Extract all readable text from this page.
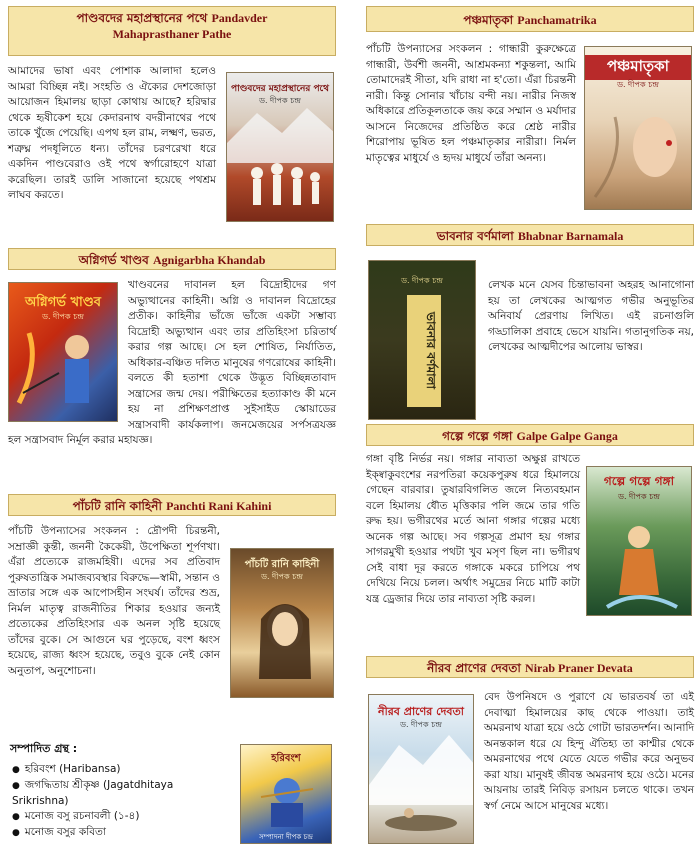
পাণ্ডবদের মহাপ্রস্থানের পথে Pandavder
Mahaprasthaner Pathe
আমাদের ভাষা এবং পোশাক আলাদা হলেও আমরা বিচ্ছিন্ন নই। সংহতি ও ঐক্যের দেশজোড়া আয়োজন হিমালয় ছাড়া কোথায় আছে? হরিদ্বার থেকে হৃষীকেশ হয়ে কেদারনাথ বদরীনাথের পথে তাকে খুঁজে পেয়েছি। এপথ হল রাম, লক্ষ্মণ, ভরত, শত্রুঘ্ন পদধূলিতে ধন্য। তাঁদের চরণরেখা ধরে একদিন পাণ্ডবেরাও ওই পথে স্বর্গারোহণে যাত্রা করেছিল। তারই ডালি সাজানো হয়েছে পথশ্রম লাঘব করতে।
পাণ্ডবদের মহাপ্রস্থানের পথে
ড. দীপক চন্দ্র
অগ্নিগর্ভ খাণ্ডব Agnigarbha Khandab
খাণ্ডবনের দাবানল হল বিদ্রোহীদের গণ অভ্যুত্থানের কাহিনী। অগ্নি ও দাবানল বিদ্রোহের প্রতীক। কাহিনীর ভাঁজে ভাঁজে একটা সম্ভাব্য বিদ্রোহী অভ্যুত্থান এবং তার প্রতিহিংসা চরিতার্থ করার গল্প আছে। সে হল শোষিত, নির্যাতিত, অধিকার-বঞ্চিত দলিত মানুষের গণরোষের কাহিনী। বলতে কী হতাশা থেকে উদ্ভূত বিচ্ছিন্নতাবাদ সন্ত্রাসের জন্ম দেয়। পরীক্ষিতের হত্যাকাণ্ড কী মনে হয় না প্রশিক্ষণপ্রাপ্ত সুইসাইড স্কোয়াডের সন্ত্রাসবাদী কার্যকলাপ। জনমেজয়ের সর্পসত্রযজ্ঞ হল সন্ত্রাসবাদ নির্মূল করার মহাযজ্ঞ।
অগ্নিগর্ভ খাণ্ডব
ড. দীপক চন্দ্র
পাঁচটি রানি কাহিনী Panchti Rani Kahini
পাঁচটি উপন্যাসের সংকলন : দ্রৌপদী চিরন্তনী, সম্রাজ্ঞী কুন্তী, জননী কৈকেয়ী, উপেক্ষিতা শূর্পণখা। এঁরা প্রত্যেকে রাজমহিষী। এদের সব প্রতিবাদ পুরুষতান্ত্রিক সমাজব্যবস্থার বিরুদ্ধে—স্বামী, সন্তান ও ভ্রাতার সঙ্গে এক আপোসহীন সংঘর্ষ। তাঁদের শুভ্র, নির্মল মাতৃত্ব রাজনীতির শিকার হওয়ার জন্যই প্রত্যেকের প্রতিহিংসার এক অনল সৃষ্টি হয়েছে তাঁদের বুকে। সে আগুনে ঘর পুড়েছে, বংশ ধ্বংস হয়েছে, রাজ্য ধ্বংস হয়েছে, তবুও বুকে নেই কোন অনুতাপ, অনুশোচনা।
পাঁচটি রানি কাহিনী
ড. দীপক চন্দ্র
সম্পাদিত গ্রন্থ :
● হরিবংশ (Haribansa)
● জগদ্ধিতায় শ্রীকৃষ্ণ (Jagatdhitaya Srikrishna)
● মনোজ বসু রচনাবলী (১-৪)
● মনোজ বসুর কবিতা
হরিবংশ
সম্পাদনা দীপক চন্দ্র
পঞ্চমাতৃকা Panchamatrika
পাঁচটি উপন্যাসের সংকলন : গান্ধারী কুরুক্ষেত্রে গান্ধারী, উর্বশী জননী, আশ্রমকন্যা শকুন্তলা, আমি তোমাদেরই সীতা, যদি রাধা না হ'তো। এঁরা চিরন্তনী নারী। কিন্তু সোনার খাঁচায় বন্দী নয়। নারীর নিজস্ব অধিকারে প্রতিকূলতাকে জয় করে সম্মান ও মর্যাদার আসনে নিজেদের প্রতিষ্ঠিত করে শ্রেষ্ঠ নারীর শিরোপায় ভূষিত হল পঞ্চমাতৃকার নারীরা। নির্মল মাতৃত্বের মাধুর্যে ও হৃদয় মাধুর্যে তাঁরা অনন্য।
পঞ্চমাতৃকা
ড. দীপক চন্দ্র
ভাবনার বর্ণমালা Bhabnar Barnamala
ড. দীপক চন্দ্র
ভাবনার বর্ণমালা
লেখক মনে যেসব চিন্তাভাবনা অহরহ আনাগোনা হয় তা লেখকের আত্মগত গভীর অনুভূতির অনিবার্য প্রেরণায় লিখিত। এই রচনাগুলি গড্ডালিকা প্রবাহে ভেসে যায়নি। গতানুগতিক নয়, লেখকের আত্মদীপের আলোয় ভাস্বর।
গল্পে গল্পে গঙ্গা Galpe Galpe Ganga
গঙ্গা বৃষ্টি নির্ভর নয়। গঙ্গার নাব্যতা অক্ষুণ্ণ রাখতে ইক্ষ্বাকুবংশের নরপতিরা কয়েকপুরুষ ধরে হিমালয়ে গেছেন বারবার। তুষারবিগলিত জলে নিত্যবহমান বলে হিমালয় ধৌত মৃত্তিকার পলি জমে তার গতি রুদ্ধ হয়। ভগীরথের মর্তে আনা গঙ্গার গল্পের মধ্যে অনেক গল্প আছে। সব গল্পসূত্র প্রমাণ হয় গঙ্গার সাগরমুখী হওয়ার পথটা খুব মসৃণ ছিল না। ভগীরথ সেই বাধা দূর করতে গঙ্গাকে মকরে চাপিয়ে পথ দেখিয়ে নিয়ে চলল। অর্থাৎ সমুদ্রের নিচে মাটি কাটা যন্ত্র ড্রেজার দিয়ে তার নাব্যতা সৃষ্টি করল।
গল্পে গল্পে গঙ্গা
ড. দীপক চন্দ্র
নীরব প্রাণের দেবতা Nirab Praner Devata
নীরব প্রাণের দেবতা
ড. দীপক চন্দ্র
বেদ উপনিষদে ও পুরাণে যে ভারতবর্ষ তা এই দেবাত্মা হিমালয়ের কাছ থেকে পাওয়া। তাই অমরনাথ যাত্রা হয়ে ওঠে গোটা ভারতদর্শন। আনাদি অনন্তকাল ধরে যে হিন্দু ঐতিহ্য তা কাশ্মীর থেকে অমরনাথের পথে যেতে যেতে গভীর করে অনুভব করা যায়। মানুষই জীবন্ত অমরনাথ হয়ে ওঠে। মনের আয়নায় তারই নিবিড় রসায়ন চলতে থাকে। তখন স্বর্গ নেমে আসে মানুষের মধ্যে।
